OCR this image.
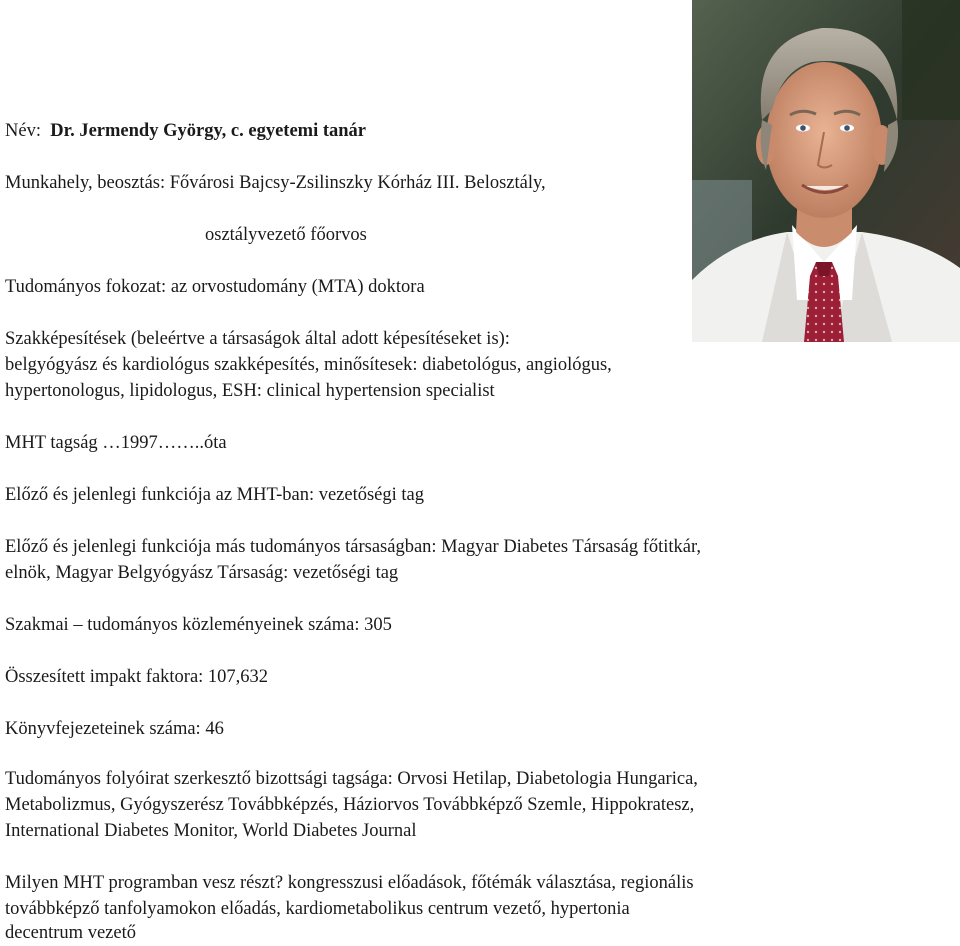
Név: Dr. Jermendy György, c. egyetemi tanár
Munkahely, beosztás: Fővárosi Bajcsy-Zsilinszky Kórház III. Belosztály,
osztályvezető főorvos
Tudományos fokozat: az orvostudomány (MTA) doktora
Szakképesítések (beleértve a társaságok által adott képesítéseket is):
belgyógyász és kardiológus szakképesítés, minősítesek: diabetológus, angiológus,
hypertonologus, lipidologus, ESH: clinical hypertension specialist
MHT tagság …1997……..óta
Előző és jelenlegi funkciója az MHT-ban: vezetőségi tag
Előző és jelenlegi funkciója más tudományos társaságban: Magyar Diabetes Társaság főtitkár,
elnök, Magyar Belgyógyász Társaság: vezetőségi tag
Szakmai – tudományos közleményeinek száma: 305
Összesített impakt faktora: 107,632
Könyvfejezeteinek száma: 46
Tudományos folyóirat szerkesztő bizottsági tagsága: Orvosi Hetilap, Diabetologia Hungarica,
Metabolizmus, Gyógyszerész Továbbképzés, Háziorvos Továbbképző Szemle, Hippokratesz,
International Diabetes Monitor, World Diabetes Journal
Milyen MHT programban vesz részt? kongresszusi előadások, főtémák választása, regionális
továbbképző tanfolyamokon előadás, kardiometabolikus centrum vezető, hypertonia
decentrum vezető
